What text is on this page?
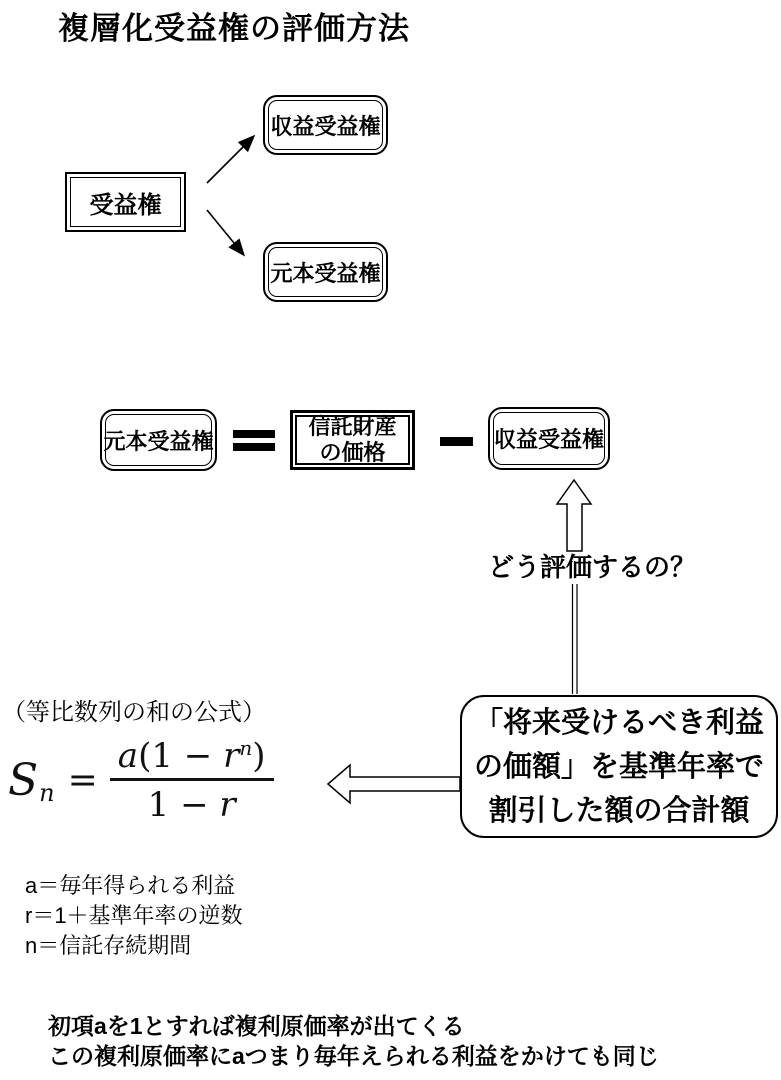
複層化受益権の評価方法
受益権
収益受益権
元本受益権
元本受益権
信託財産
の価格
収益受益権
どう評価するの？
「将来受けるべき利益
の価額」を基準年率で
割引した額の合計額
（等比数列の和の公式）
S $n = \frac{a(1 - r^n)}{1 - r}$
a＝毎年得られる利益
r＝1＋基準年率の逆数
n＝信託存続期間
初項aを1とすれば複利原価率が出てくる
この複利原価率にaつまり毎年えられる利益をかけても同じ
